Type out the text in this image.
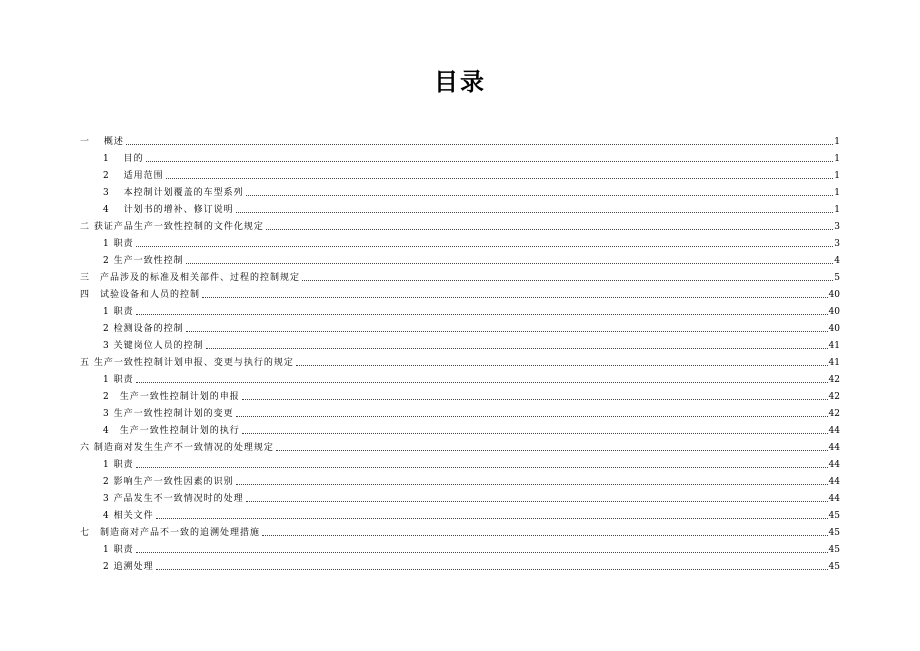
目录
一　 概述	1
1　 目的	1
2　 适用范围	1
3　 本控制计划覆盖的车型系列	1
4　 计划书的增补、修订说明	1
二 获证产品生产一致性控制的文件化规定	3
1 职责	3
2 生产一致性控制	4
三　产品涉及的标准及相关部件、过程的控制规定	5
四　试验设备和人员的控制	40
1 职责	40
2 检测设备的控制	40
3 关键岗位人员的控制	41
五 生产一致性控制计划申报、变更与执行的规定	41
1 职责	42
2　生产一致性控制计划的申报	42
3 生产一致性控制计划的变更	42
4　生产一致性控制计划的执行	44
六 制造商对发生生产不一致情况的处理规定	44
1 职责	44
2 影响生产一致性因素的识别	44
3 产品发生不一致情况时的处理	44
4 相关文件	45
七　制造商对产品不一致的追溯处理措施	45
1 职责	45
2 追溯处理	45
